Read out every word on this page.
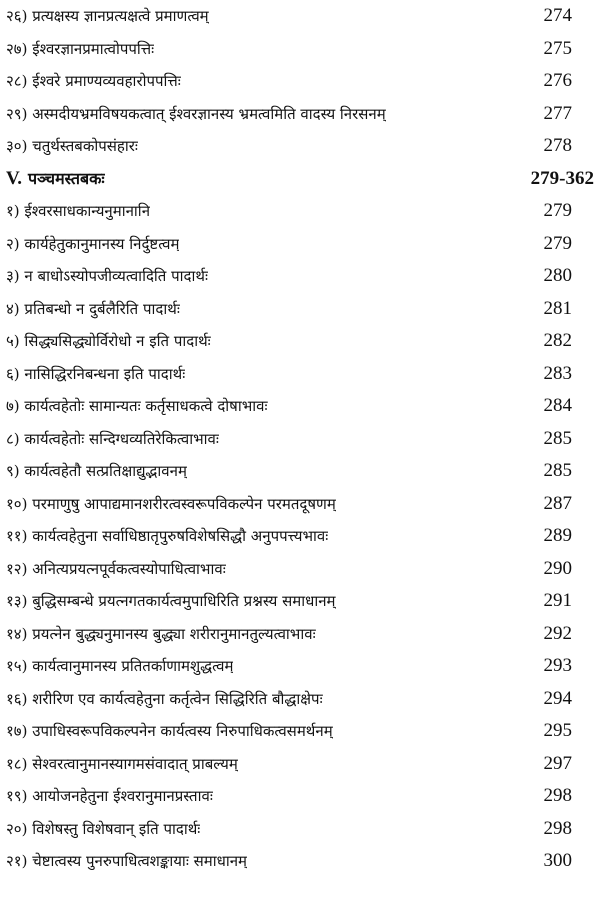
२६) प्रत्यक्षस्य ज्ञानप्रत्यक्षत्वे प्रमाणत्वम्	274
२७) ईश्वरज्ञानप्रमात्वोपपत्तिः	275
२८) ईश्वरे प्रमाण्यव्यवहारोपपत्तिः	276
२९) अस्मदीयभ्रमविषयकत्वात् ईश्वरज्ञानस्य भ्रमत्वमिति वादस्य निरसनम्	277
३०) चतुर्थस्तबकोपसंहारः	278
V. पञ्चमस्तबकः	279-362
१) ईश्वरसाधकान्यनुमानानि	279
२) कार्यहेतुकानुमानस्य निर्दुष्टत्वम्	279
३) न बाधोऽस्योपजीव्यत्वादिति पादार्थः	280
४) प्रतिबन्धो न दुर्बलैरिति पादार्थः	281
५) सिद्ध्यसिद्ध्योर्विरोधो न इति पादार्थः	282
६) नासिद्धिरनिबन्धना इति पादार्थः	283
७) कार्यत्वहेतोः सामान्यतः कर्तृसाधकत्वे दोषाभावः	284
८) कार्यत्वहेतोः सन्दिग्धव्यतिरेकित्वाभावः	285
९) कार्यत्वहेतौ सत्प्रतिक्षाद्युद्भावनम्	285
१०) परमाणुषु आपाद्यमानशरीरत्वस्वरूपविकल्पेन परमतदूषणम्	287
११) कार्यत्वहेतुना सर्वाधिष्ठातृपुरुषविशेषसिद्धौ अनुपपत्त्यभावः	289
१२) अनित्यप्रयत्नपूर्वकत्वस्योपाधित्वाभावः	290
१३) बुद्धिसम्बन्धे प्रयत्नगतकार्यत्वमुपाधिरिति प्रश्नस्य समाधानम्	291
१४) प्रयत्नेन बुद्ध्यनुमानस्य बुद्ध्या शरीरानुमानतुल्यत्वाभावः	292
१५) कार्यत्वानुमानस्य प्रतितर्काणामशुद्धत्वम्	293
१६) शरीरिण एव कार्यत्वहेतुना कर्तृत्वेन सिद्धिरिति बौद्धाक्षेपः	294
१७) उपाधिस्वरूपविकल्पनेन कार्यत्वस्य निरुपाधिकत्वसमर्थनम्	295
१८) सेश्वरत्वानुमानस्यागमसंवादात् प्राबल्यम्	297
१९) आयोजनहेतुना ईश्वरानुमानप्रस्तावः	298
२०) विशेषस्तु विशेषवान् इति पादार्थः	298
२१) चेष्टात्वस्य पुनरुपाधित्वशङ्कायाः समाधानम्	300
